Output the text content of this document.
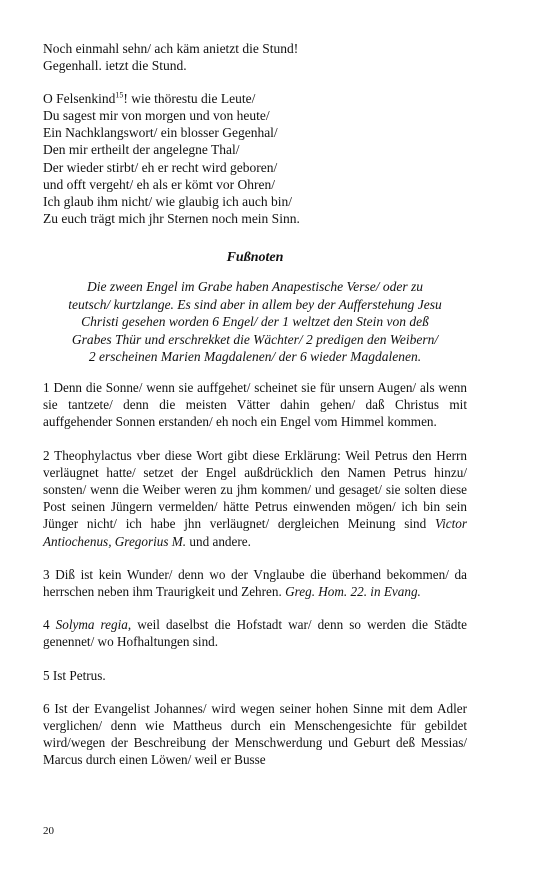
Noch einmahl sehn/ ach käm anietzt die Stund!
Gegenhall. ietzt die Stund.
O Felsenkind$^{15}$! wie thörestu die Leute/
Du sagest mir von morgen und von heute/
Ein Nachklangswort/ ein blosser Gegenhal/
Den mir ertheilt der angelegne Thal/
Der wieder stirbt/ eh er recht wird geboren/
und offt vergeht/ eh als er kömt vor Ohren/
Ich glaub ihm nicht/ wie glaubig ich auch bin/
Zu euch trägt mich jhr Sternen noch mein Sinn.
Fußnoten
Die zween Engel im Grabe haben Anapestische Verse/ oder zu
teutsch/ kurtzlange. Es sind aber in allem bey der Aufferstehung Jesu
Christi gesehen worden 6 Engel/ der 1 weltzet den Stein von deß
Grabes Thür und erschrekket die Wächter/ 2 predigen den Weibern/
2 erscheinen Marien Magdalenen/ der 6 wieder Magdalenen.

1 Denn die Sonne/ wenn sie auffgehet/ scheinet sie für unsern Augen/ als wenn sie tantzete/ denn die meisten Vätter dahin gehen/ daß Christus mit auffgehender Sonnen erstanden/ eh noch ein Engel vom Himmel kommen.

2 Theophylactus vber diese Wort gibt diese Erklärung: Weil Petrus den Herrn verläugnet hatte/ setzet der Engel außdrücklich den Namen Petrus hinzu/ sonsten/ wenn die Weiber weren zu jhm kommen/ und gesaget/ sie solten diese Post seinen Jüngern vermelden/ hätte Petrus einwenden mögen/ ich bin sein Jünger nicht/ ich habe jhn verläugnet/ dergleichen Meinung sind Victor Antiochenus, Gregorius M. und andere.

3 Diß ist kein Wunder/ denn wo der Vnglaube die überhand bekommen/ da herrschen neben ihm Traurigkeit und Zehren. Greg. Hom. 22. in Evang.

4 Solyma regia, weil daselbst die Hofstadt war/ denn so werden die Städte genennet/ wo Hofhaltungen sind.

5 Ist Petrus.

6 Ist der Evangelist Johannes/ wird wegen seiner hohen Sinne mit dem Adler verglichen/ denn wie Mattheus durch ein Menschengesichte für gebildet wird/wegen der Beschreibung der Menschwerdung und Geburt deß Messias/ Marcus durch einen Löwen/ weil er Busse

20
